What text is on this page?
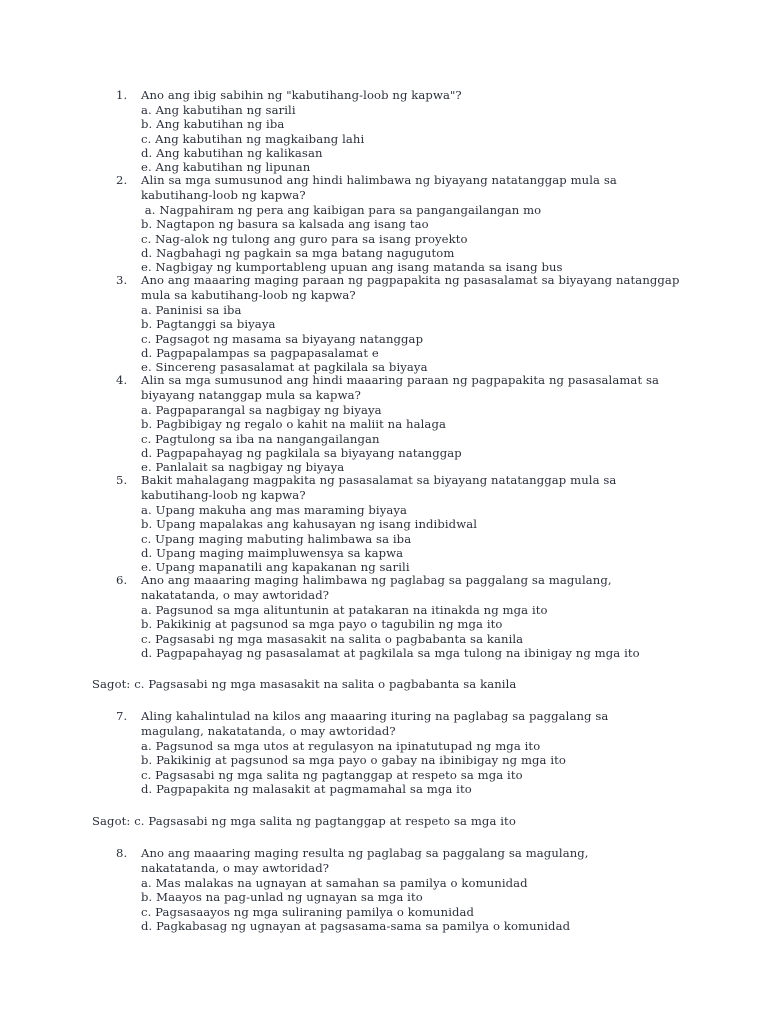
1. Ano ang ibig sabihin ng "kabutihang-loob ng kapwa"?

a. Ang kabutihan ng sarili
b. Ang kabutihan ng iba
c. Ang kabutihan ng magkaibang lahi
d. Ang kabutihan ng kalikasan
e. Ang kabutihan ng lipunan
2. Alin sa mga sumusunod ang hindi halimbawa ng biyayang natatanggap mula sa kabutihang-loob ng kapwa?

a. Nagpahiram ng pera ang kaibigan para sa pangangailangan mo
b. Nagtapon ng basura sa kalsada ang isang tao
c. Nag-alok ng tulong ang guro para sa isang proyekto
d. Nagbahagi ng pagkain sa mga batang nagugutom
e. Nagbigay ng kumportableng upuan ang isang matanda sa isang bus
3. Ano ang maaaring maging paraan ng pagpapakita ng pasasalamat sa biyayang natanggap mula sa kabutihang-loob ng kapwa?

a. Paninisi sa iba
b. Pagtanggi sa biyaya
c. Pagsagot ng masama sa biyayang natanggap
d. Pagpapalampas sa pagpapasalamat e
e. Sincereng pasasalamat at pagkilala sa biyaya
4. Alin sa mga sumusunod ang hindi maaaring paraan ng pagpapakita ng pasasalamat sa biyayang natanggap mula sa kapwa?

a. Pagpaparangal sa nagbigay ng biyaya
b. Pagbibigay ng regalo o kahit na maliit na halaga
c. Pagtulong sa iba na nangangailangan
d. Pagpapahayag ng pagkilala sa biyayang natanggap
e. Panlalait sa nagbigay ng biyaya
5. Bakit mahalagang magpakita ng pasasalamat sa biyayang natatanggap mula sa kabutihang-loob ng kapwa?

a. Upang makuha ang mas maraming biyaya
b. Upang mapalakas ang kahusayan ng isang indibidwal
c. Upang maging mabuting halimbawa sa iba
d. Upang maging maimpluwensya sa kapwa
e. Upang mapanatili ang kapakanan ng sarili
6. Ano ang maaaring maging halimbawa ng paglabag sa paggalang sa magulang, nakatatanda, o may awtoridad?

a. Pagsunod sa mga alituntunin at patakaran na itinakda ng mga ito
b. Pakikinig at pagsunod sa mga payo o tagubilin ng mga ito
c. Pagsasabi ng mga masasakit na salita o pagbabanta sa kanila
d. Pagpapahayag ng pasasalamat at pagkilala sa mga tulong na ibinigay ng mga ito
Sagot: c. Pagsasabi ng mga masasakit na salita o pagbabanta sa kanila
7. Aling kahalintulad na kilos ang maaaring ituring na paglabag sa paggalang sa magulang, nakatatanda, o may awtoridad?

a. Pagsunod sa mga utos at regulasyon na ipinatutupad ng mga ito
b. Pakikinig at pagsunod sa mga payo o gabay na ibinibigay ng mga ito
c. Pagsasabi ng mga salita ng pagtanggap at respeto sa mga ito
d. Pagpapakita ng malasakit at pagmamahal sa mga ito
Sagot: c. Pagsasabi ng mga salita ng pagtanggap at respeto sa mga ito
8. Ano ang maaaring maging resulta ng paglabag sa paggalang sa magulang, nakatatanda, o may awtoridad?

a. Mas malakas na ugnayan at samahan sa pamilya o komunidad
b. Maayos na pag-unlad ng ugnayan sa mga ito
c. Pagsasaayos ng mga suliraning pamilya o komunidad
d. Pagkabasag ng ugnayan at pagsasama-sama sa pamilya o komunidad
